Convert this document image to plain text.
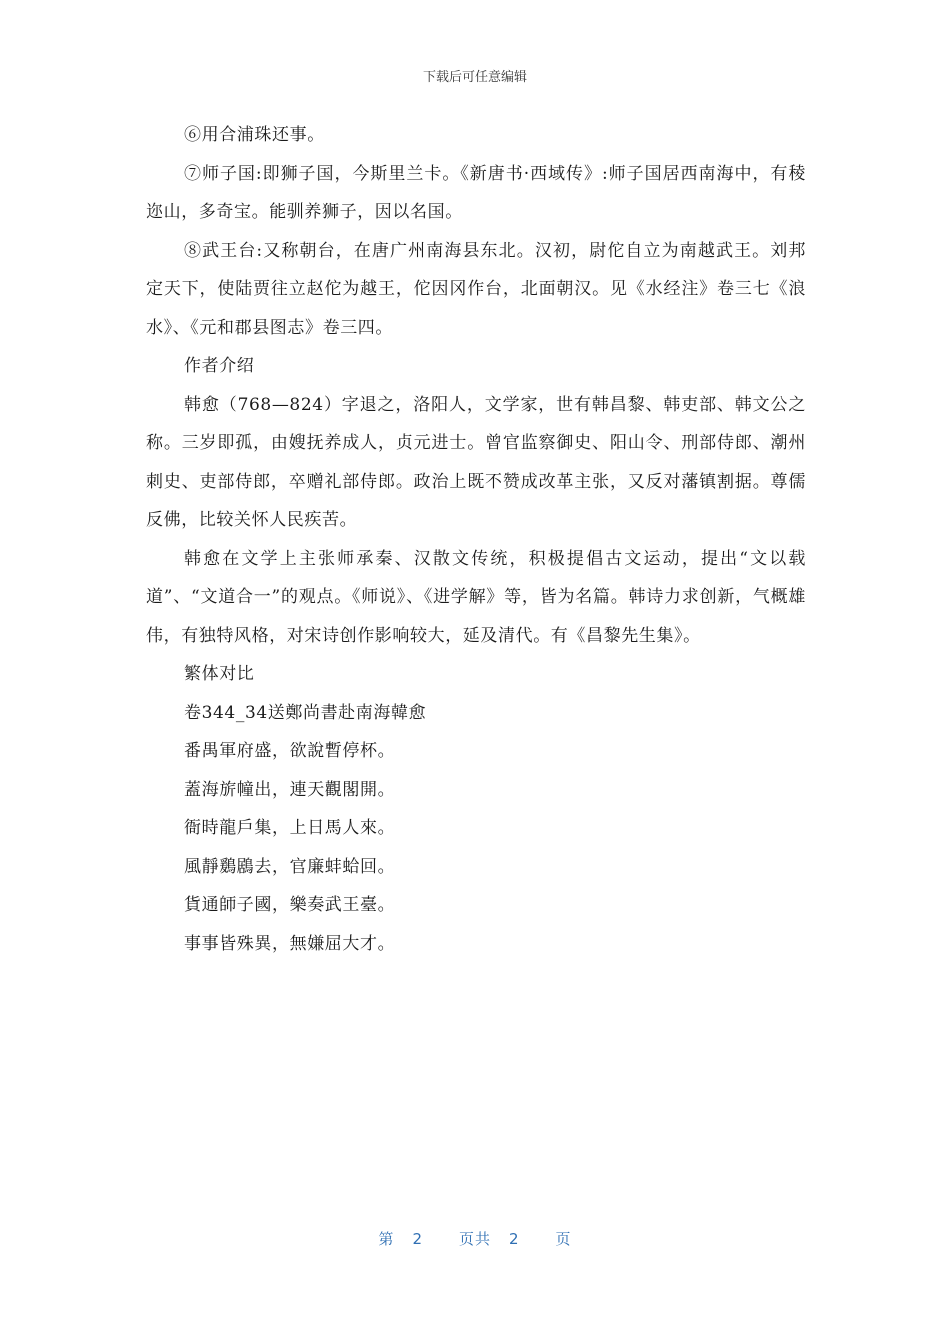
下载后可任意编辑

⑥用合浦珠还事。

⑦师子国:即狮子国，今斯里兰卡。《新唐书·西域传》:师子国居西南海中，有稜迩山，多奇宝。能驯养狮子，因以名国。

⑧武王台:又称朝台，在唐广州南海县东北。汉初，尉佗自立为南越武王。刘邦定天下，使陆贾往立赵佗为越王，佗因冈作台，北面朝汉。见《水经注》卷三七《浪水》、《元和郡县图志》卷三四。

作者介绍

韩愈（768—824）字退之，洛阳人，文学家，世有韩昌黎、韩吏部、韩文公之称。三岁即孤，由嫂抚养成人，贞元进士。曾官监察御史、阳山令、刑部侍郎、潮州刺史、吏部侍郎，卒赠礼部侍郎。政治上既不赞成改革主张，又反对藩镇割据。尊儒反佛，比较关怀人民疾苦。

韩愈在文学上主张师承秦、汉散文传统，积极提倡古文运动，提出“文以载道”、“文道合一”的观点。《师说》、《进学解》等，皆为名篇。韩诗力求创新，气概雄伟，有独特风格，对宋诗创作影响较大，延及清代。有《昌黎先生集》。

繁体对比

卷344_34送鄭尚書赴南海韓愈

番禺軍府盛，欲說暫停杯。

蓋海旂幢出，連天觀閣開。

衙時龍戶集，上日馬人來。

風靜鶢鶋去，官廉蚌蛤回。

貨通師子國，樂奏武王臺。

事事皆殊異，無嫌屈大才。

第 2 页共 2 页
